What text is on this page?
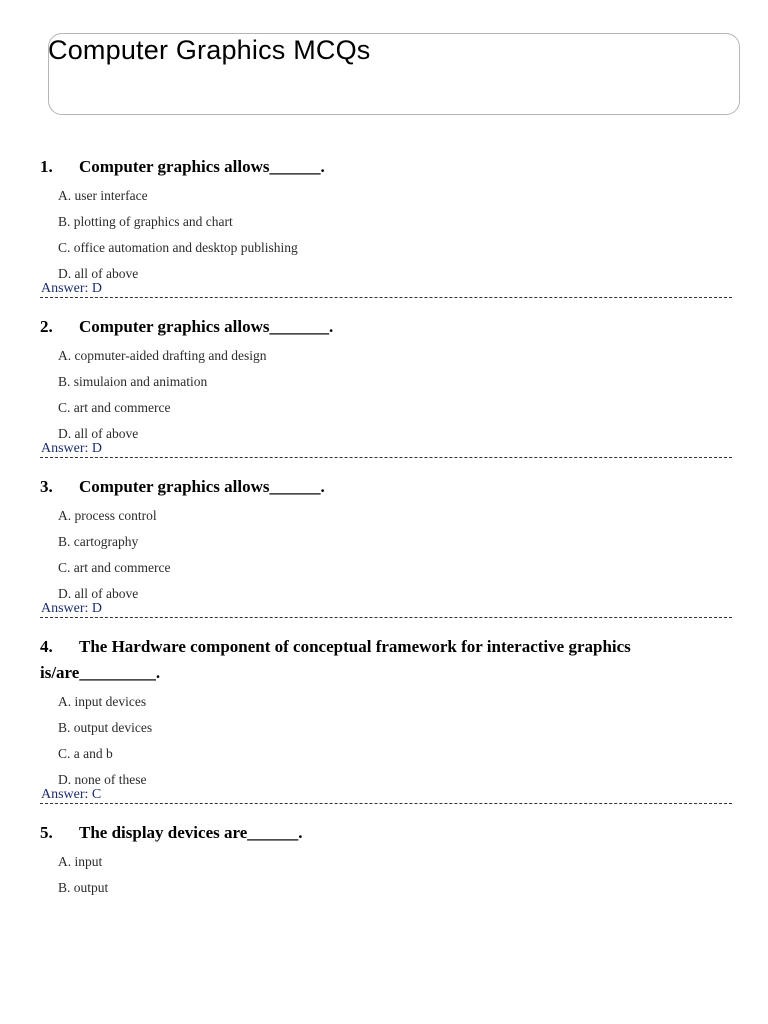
Computer Graphics MCQs

1. Computer graphics allows______.

A. user interface
B. plotting of graphics and chart
C. office automation and desktop publishing
D. all of above
Answer: D

2. Computer graphics allows_______.

A. copmuter-aided drafting and design
B. simulaion and animation
C. art and commerce
D. all of above
Answer: D

3. Computer graphics allows______.

A. process control
B. cartography
C. art and commerce
D. all of above
Answer: D

4. The Hardware component of conceptual framework for interactive graphics is/are_________.

A. input devices
B. output devices
C. a and b
D. none of these
Answer: C

5. The display devices are______.

A. input
B. output
